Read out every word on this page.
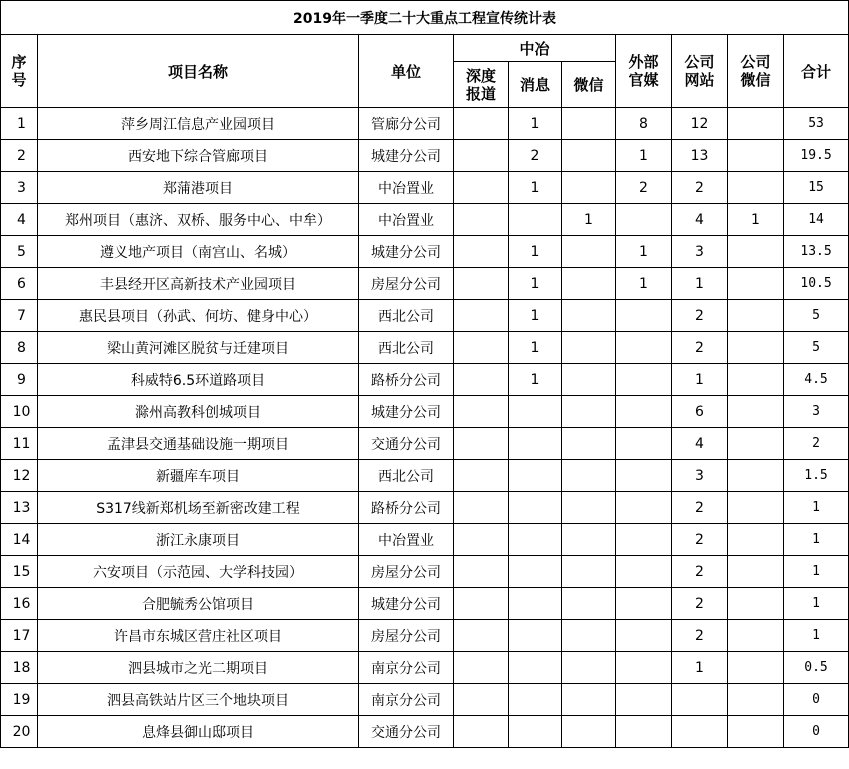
2019年一季度二十大重点工程宣传统计表									
序号	项目名称	单位	中冶			外部官媒	公司网站	公司微信	合计
			深度报道	消息	微信				
1	萍乡周江信息产业园项目	管廊分公司		1		8	12		53
2	西安地下综合管廊项目	城建分公司		2		1	13		19.5
3	郑蒲港项目	中冶置业		1		2	2		15
4	郑州项目（惠济、双桥、服务中心、中牟）	中冶置业			1		4	1	14
5	遵义地产项目（南宫山、名城）	城建分公司		1		1	3		13.5
6	丰县经开区高新技术产业园项目	房屋分公司		1		1	1		10.5
7	惠民县项目（孙武、何坊、健身中心）	西北公司		1			2		5
8	梁山黄河滩区脱贫与迁建项目	西北公司		1			2		5
9	科威特6.5环道路项目	路桥分公司		1			1		4.5
10	滁州高教科创城项目	城建分公司					6		3
11	孟津县交通基础设施一期项目	交通分公司					4		2
12	新疆库车项目	西北公司					3		1.5
13	S317线新郑机场至新密改建工程	路桥分公司					2		1
14	浙江永康项目	中冶置业					2		1
15	六安项目（示范园、大学科技园）	房屋分公司					2		1
16	合肥毓秀公馆项目	城建分公司					2		1
17	许昌市东城区营庄社区项目	房屋分公司					2		1
18	泗县城市之光二期项目	南京分公司					1		0.5
19	泗县高铁站片区三个地块项目	南京分公司							0
20	息烽县御山邸项目	交通分公司							0
